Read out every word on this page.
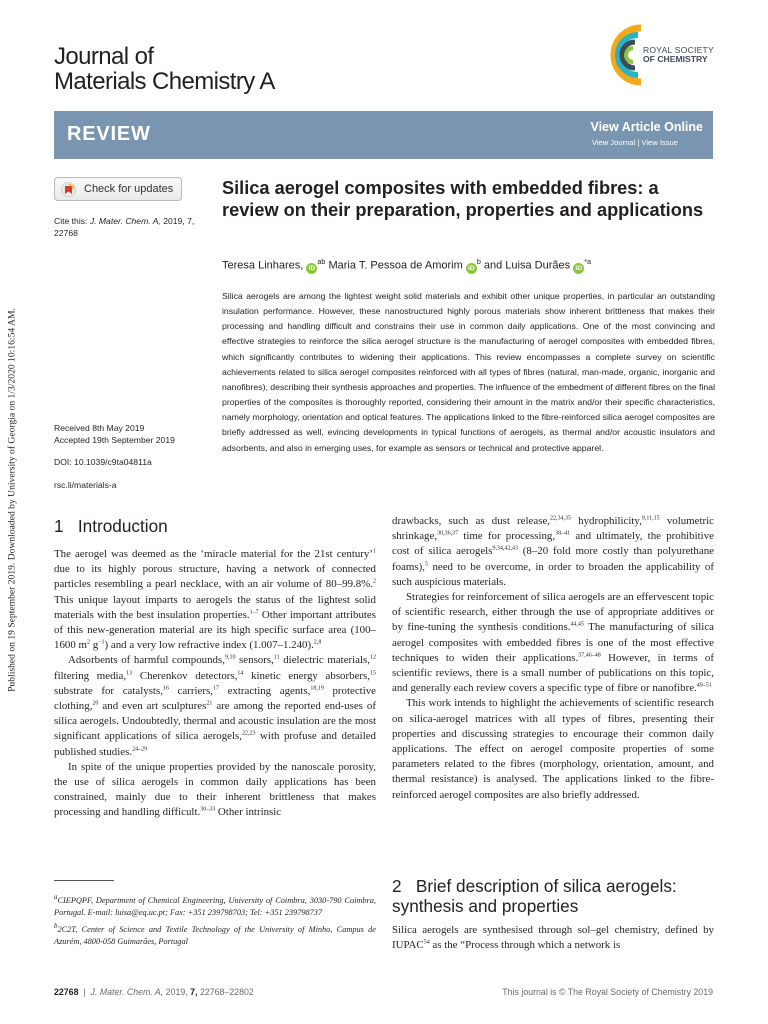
Published on 19 September 2019. Downloaded by University of Georgia on 1/3/2020 10:16:54 AM.
Journal of
Materials Chemistry A
ROYAL SOCIETY
OF CHEMISTRY
REVIEW	View Article Online
View Journal | View Issue
Check for updates
Cite this: J. Mater. Chem. A, 2019, 7,
22768
Received 8th May 2019
Accepted 19th September 2019
DOI: 10.1039/c9ta04811a
rsc.li/materials-a
Silica aerogel composites with embedded fibres: a review on their preparation, properties and applications
Teresa Linhares, $iD^{ab}$ Maria T. Pessoa de Amorim $iD^b$ and Luisa Durães $iD^{*a}$
Silica aerogels are among the lightest weight solid materials and exhibit other unique properties, in particular an outstanding insulation performance. However, these nanostructured highly porous materials show inherent brittleness that makes their processing and handling difficult and constrains their use in common daily applications. One of the most convincing and effective strategies to reinforce the silica aerogel structure is the manufacturing of aerogel composites with embedded fibres, which significantly contributes to widening their applications. This review encompasses a complete survey on scientific achievements related to silica aerogel composites reinforced with all types of fibres (natural, man-made, organic, inorganic and nanofibres), describing their synthesis approaches and properties. The influence of the embedment of different fibres on the final properties of the composites is thoroughly reported, considering their amount in the matrix and/or their specific characteristics, namely morphology, orientation and optical features. The applications linked to the fibre-reinforced silica aerogel composites are briefly addressed as well, evincing developments in typical functions of aerogels, as thermal and/or acoustic insulators and adsorbents, and also in emerging uses, for example as sensors or technical and protective apparel.
1 Introduction

The aerogel was deemed as the ‘miracle material for the 21st century’$^1$ due to its highly porous structure, having a network of connected particles resembling a pearl necklace, with an air volume of 80–99.8%.$^2$ This unique layout imparts to aerogels the status of the lightest solid materials with the best insulation properties.$^{1-7}$ Other important attributes of this new-generation material are its high specific surface area (100–1600 $m^2$ $g^{-1}$) and a very low refractive index (1.007–1.240).$^{2,8}$

Adsorbents of harmful compounds,$^{9,10}$ sensors,$^{11}$ dielectric materials,$^{12}$ filtering media,$^{13}$ Cherenkov detectors,$^{14}$ kinetic energy absorbers,$^{15}$ substrate for catalysts,$^{16}$ carriers,$^{17}$ extracting agents,$^{18,19}$ protective clothing,$^{20}$ and even art sculptures$^{21}$ are among the reported end-uses of silica aerogels. Undoubtedly, thermal and acoustic insulation are the most significant applications of silica aerogels,$^{22,23}$ with profuse and detailed published studies.$^{24-29}$

In spite of the unique properties provided by the nanoscale porosity, the use of silica aerogels in common daily applications has been constrained, mainly due to their inherent brittleness that makes processing and handling difficult.$^{30-33}$ Other intrinsic

drawbacks, such as dust release,$^{22,34,35}$ hydrophilicity,$^{9,11,15}$ volumetric shrinkage,$^{30,36,37}$ time for processing,$^{38-41}$ and ultimately, the prohibitive cost of silica aerogels$^{9,34,42,43}$ (8–20 fold more costly than polyurethane foams),$^5$ need to be overcome, in order to broaden the applicability of such auspicious materials.

Strategies for reinforcement of silica aerogels are an effervescent topic of scientific research, either through the use of appropriate additives or by fine-tuning the synthesis conditions.$^{44,45}$ The manufacturing of silica aerogel composites with embedded fibres is one of the most effective techniques to widen their applications.$^{37,46-48}$ However, in terms of scientific reviews, there is a small number of publications on this topic, and generally each review covers a specific type of fibre or nanofibre.$^{49-51}$

This work intends to highlight the achievements of scientific research on silica-aerogel matrices with all types of fibres, presenting their properties and discussing strategies to encourage their common daily applications. The effect on aerogel composite properties of some parameters related to the fibres (morphology, orientation, amount, and thermal resistance) is analysed. The applications linked to the fibre-reinforced aerogel composites are also briefly addressed.

2 Brief description of silica aerogels: synthesis and properties

$^a$CIEPQPF, Department of Chemical Engineering, University of Coimbra, 3030-790 Coimbra, Portugal. E-mail: luisa@eq.uc.pt; Fax: +351 239798703; Tel: +351 239798737

$^b$2C2T, Center of Science and Textile Technology of the University of Minho, Campus de Azurém, 4800-058 Guimarães, Portugal

Silica aerogels are synthesised through sol–gel chemistry, defined by IUPAC$^{54}$ as the “Process through which a network is
22768  |  J. Mater. Chem. A, 2019, 7, 22768–22802	This journal is © The Royal Society of Chemistry 2019
